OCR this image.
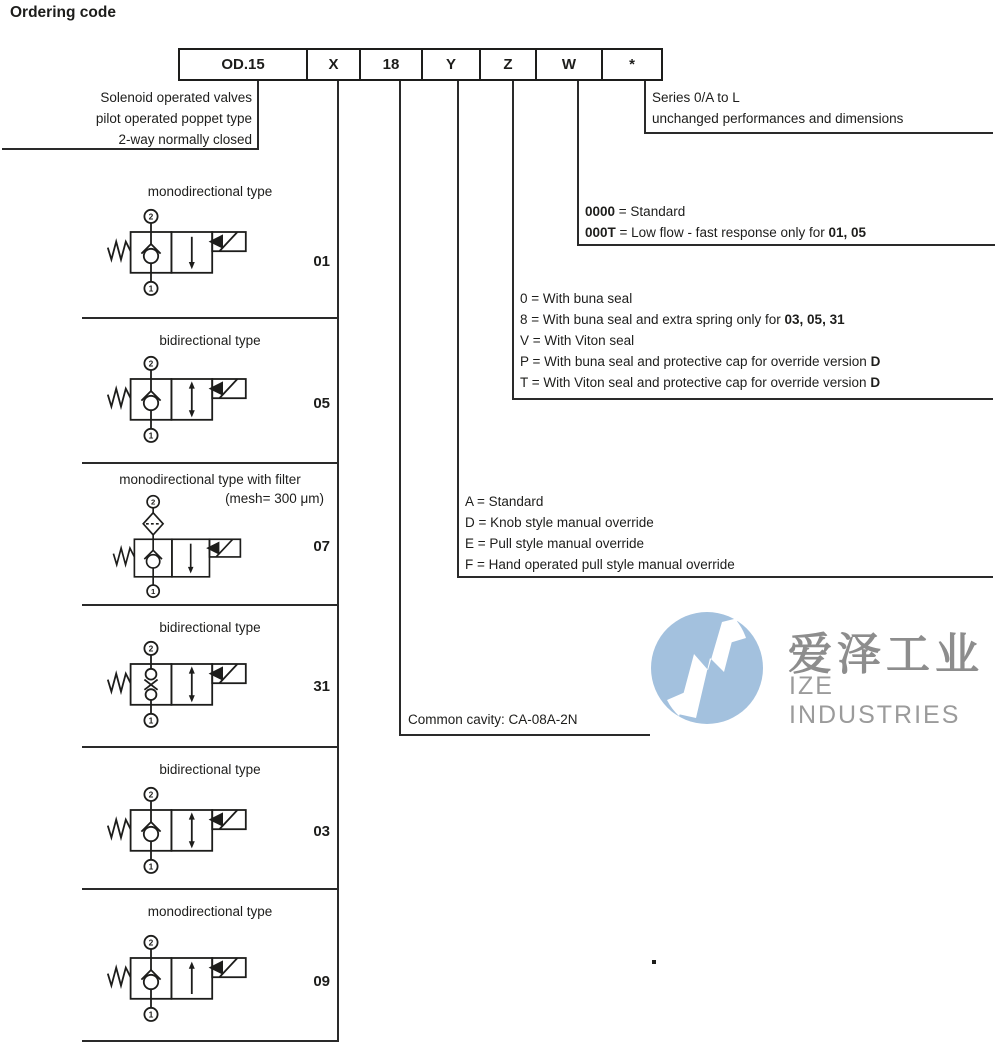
Ordering code
OD.15	X	18	Y	Z	W	*
Solenoid operated valves
pilot operated poppet type
2-way normally closed
Series 0/A to L
unchanged performances and dimensions
0000 = Standard
000T = Low flow - fast response only for 01, 05
0 = With buna seal
8 = With buna seal and extra spring only for 03, 05, 31
V = With Viton seal
P = With buna seal and protective cap for override version D
T = With Viton seal and protective cap for override version D
A = Standard
D = Knob style manual override
E = Pull style manual override
F = Hand operated pull style manual override
Common cavity: CA-08A-2N
monodirectional type
01
2
1
bidirectional type
05
2
1
monodirectional type with filter
(mesh= 300 μm)
07
2
1
bidirectional type
31
2
1
bidirectional type
03
2
1
monodirectional type
09
2
1
爱泽工业
IZE INDUSTRIES
